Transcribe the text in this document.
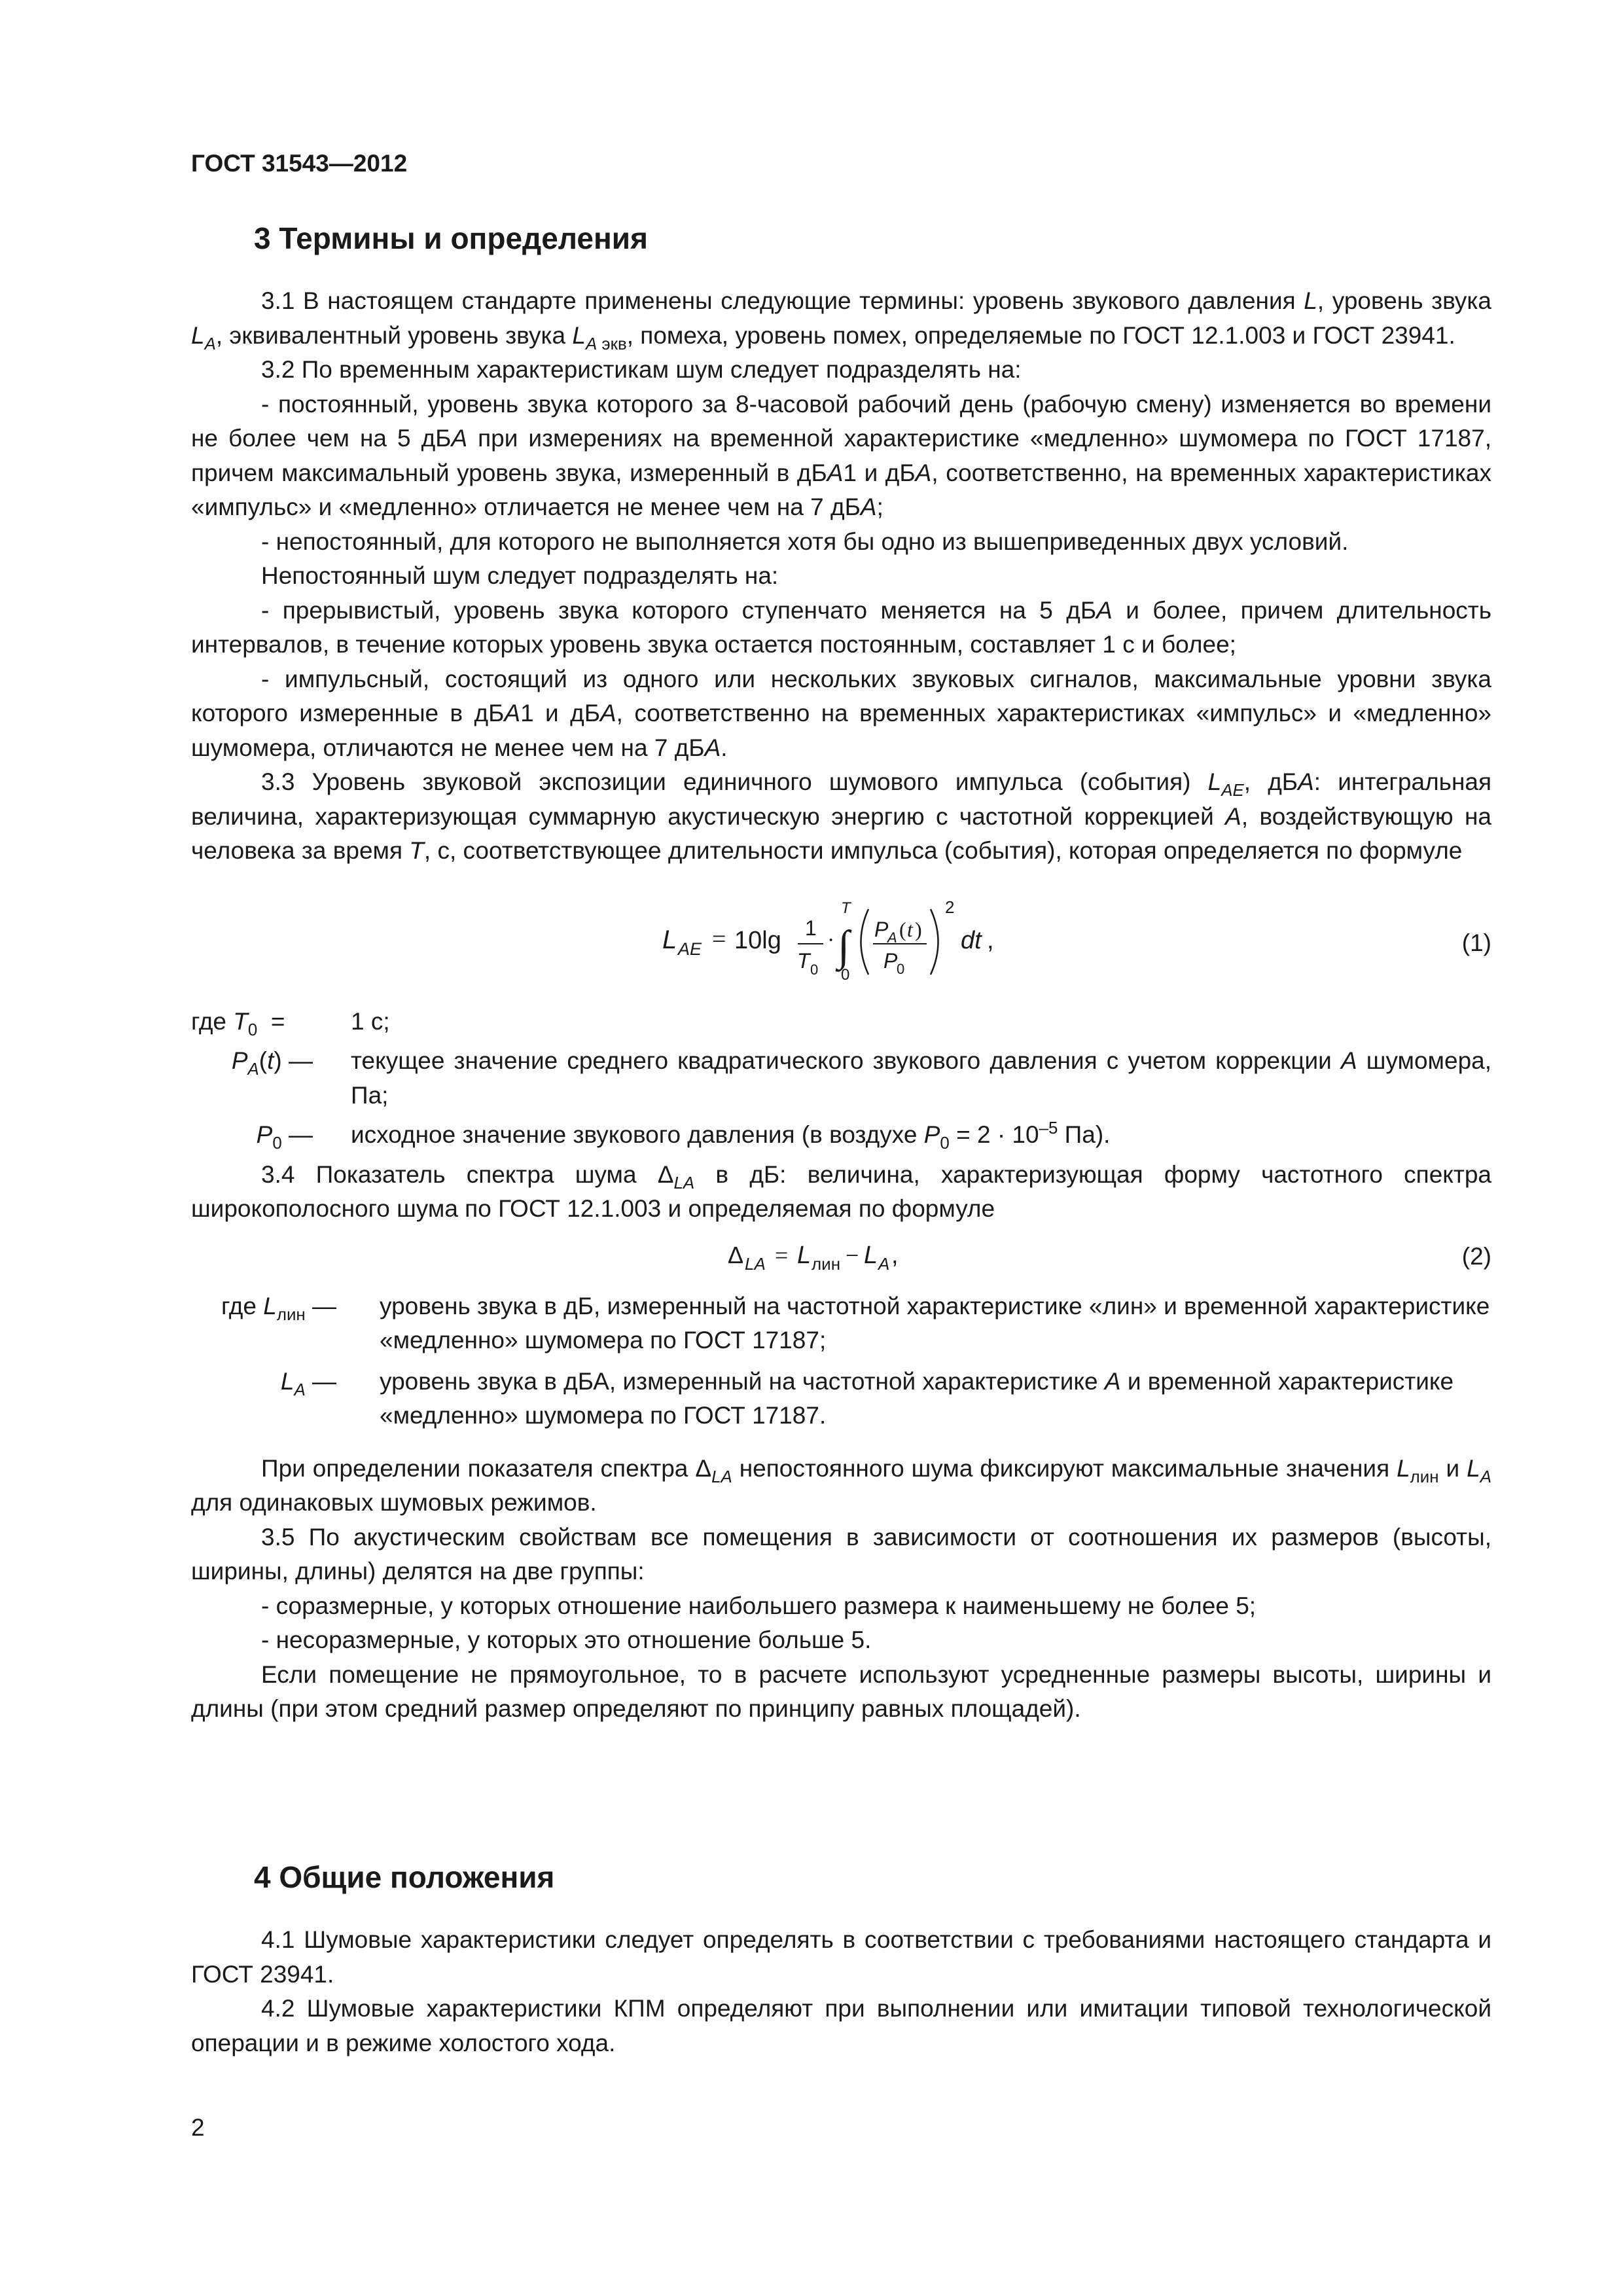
ГОСТ 31543—2012
3 Термины и определения

3.1 В настоящем стандарте применены следующие термины: уровень звукового давления L, уровень звука $L_A$, эквивалентный уровень звука $L_A$ $_{экв}$, помеха, уровень помех, определяемые по ГОСТ 12.1.003 и ГОСТ 23941.

3.2 По временным характеристикам шум следует подразделять на:

- постоянный, уровень звука которого за 8-часовой рабочий день (рабочую смену) изменяется во времени не более чем на 5 дБA при измерениях на временной характеристике «медленно» шумомера по ГОСТ 17187, причем максимальный уровень звука, измеренный в дБA1 и дБA, соответственно, на временных характеристиках «импульс» и «медленно» отличается не менее чем на 7 дБA;

- непостоянный, для которого не выполняется хотя бы одно из вышеприведенных двух условий.

Непостоянный шум следует подразделять на:

- прерывистый, уровень звука которого ступенчато меняется на 5 дБA и более, причем длительность интервалов, в течение которых уровень звука остается постоянным, составляет 1 с и более;

- импульсный, состоящий из одного или нескольких звуковых сигналов, максимальные уровни звука которого измеренные в дБA1 и дБA, соответственно на временных характеристиках «импульс» и «медленно» шумомера, отличаются не менее чем на 7 дБA.

3.3 Уровень звуковой экспозиции единичного шумового импульса (события) $L_{AE}$, дБA: интегральная величина, характеризующая суммарную акустическую энергию с частотной коррекцией A, воздействующую на человека за время T, с, соответствующее длительности импульса (события), которая определяется по формуле

L AE = 10lg 1
T 0
· ∫
T
0
P
A ( t )
P
0
2
dt ,	(1)
где $T_0$  =	1 с;
$P_A(t)$ — текущее значение среднего квадратического звукового давления с учетом коррекции A шумомера, Па;
$P_0$ — исходное значение звукового давления (в воздухе $P_0 = 2 \cdot 10^{-5}$ Па).

3.4 Показатель спектра шума $\Delta_{LA}$ в дБ: величина, характеризующая форму частотного спектра широкополосного шума по ГОСТ 12.1.003 и определяемая по формуле

Δ LA = L лин − L A ,	(2)
где $L_{лин}$ — уровень звука в дБ, измеренный на частотной характеристике «лин» и временной характеристике «медленно» шумомера по ГОСТ 17187;
$L_A$ — уровень звука в дБА, измеренный на частотной характеристике A и временной характеристике «медленно» шумомера по ГОСТ 17187.

При определении показателя спектра $\Delta_{LA}$ непостоянного шума фиксируют максимальные значения $L_{лин}$ и $L_A$ для одинаковых шумовых режимов.

3.5 По акустическим свойствам все помещения в зависимости от соотношения их размеров (высоты, ширины, длины) делятся на две группы:

- соразмерные, у которых отношение наибольшего размера к наименьшему не более 5;

- несоразмерные, у которых это отношение больше 5.

Если помещение не прямоугольное, то в расчете используют усредненные размеры высоты, ширины и длины (при этом средний размер определяют по принципу равных площадей).

4 Общие положения

4.1 Шумовые характеристики следует определять в соответствии с требованиями настоящего стандарта и ГОСТ 23941.

4.2 Шумовые характеристики КПМ определяют при выполнении или имитации типовой технологической операции и в режиме холостого хода.

2
